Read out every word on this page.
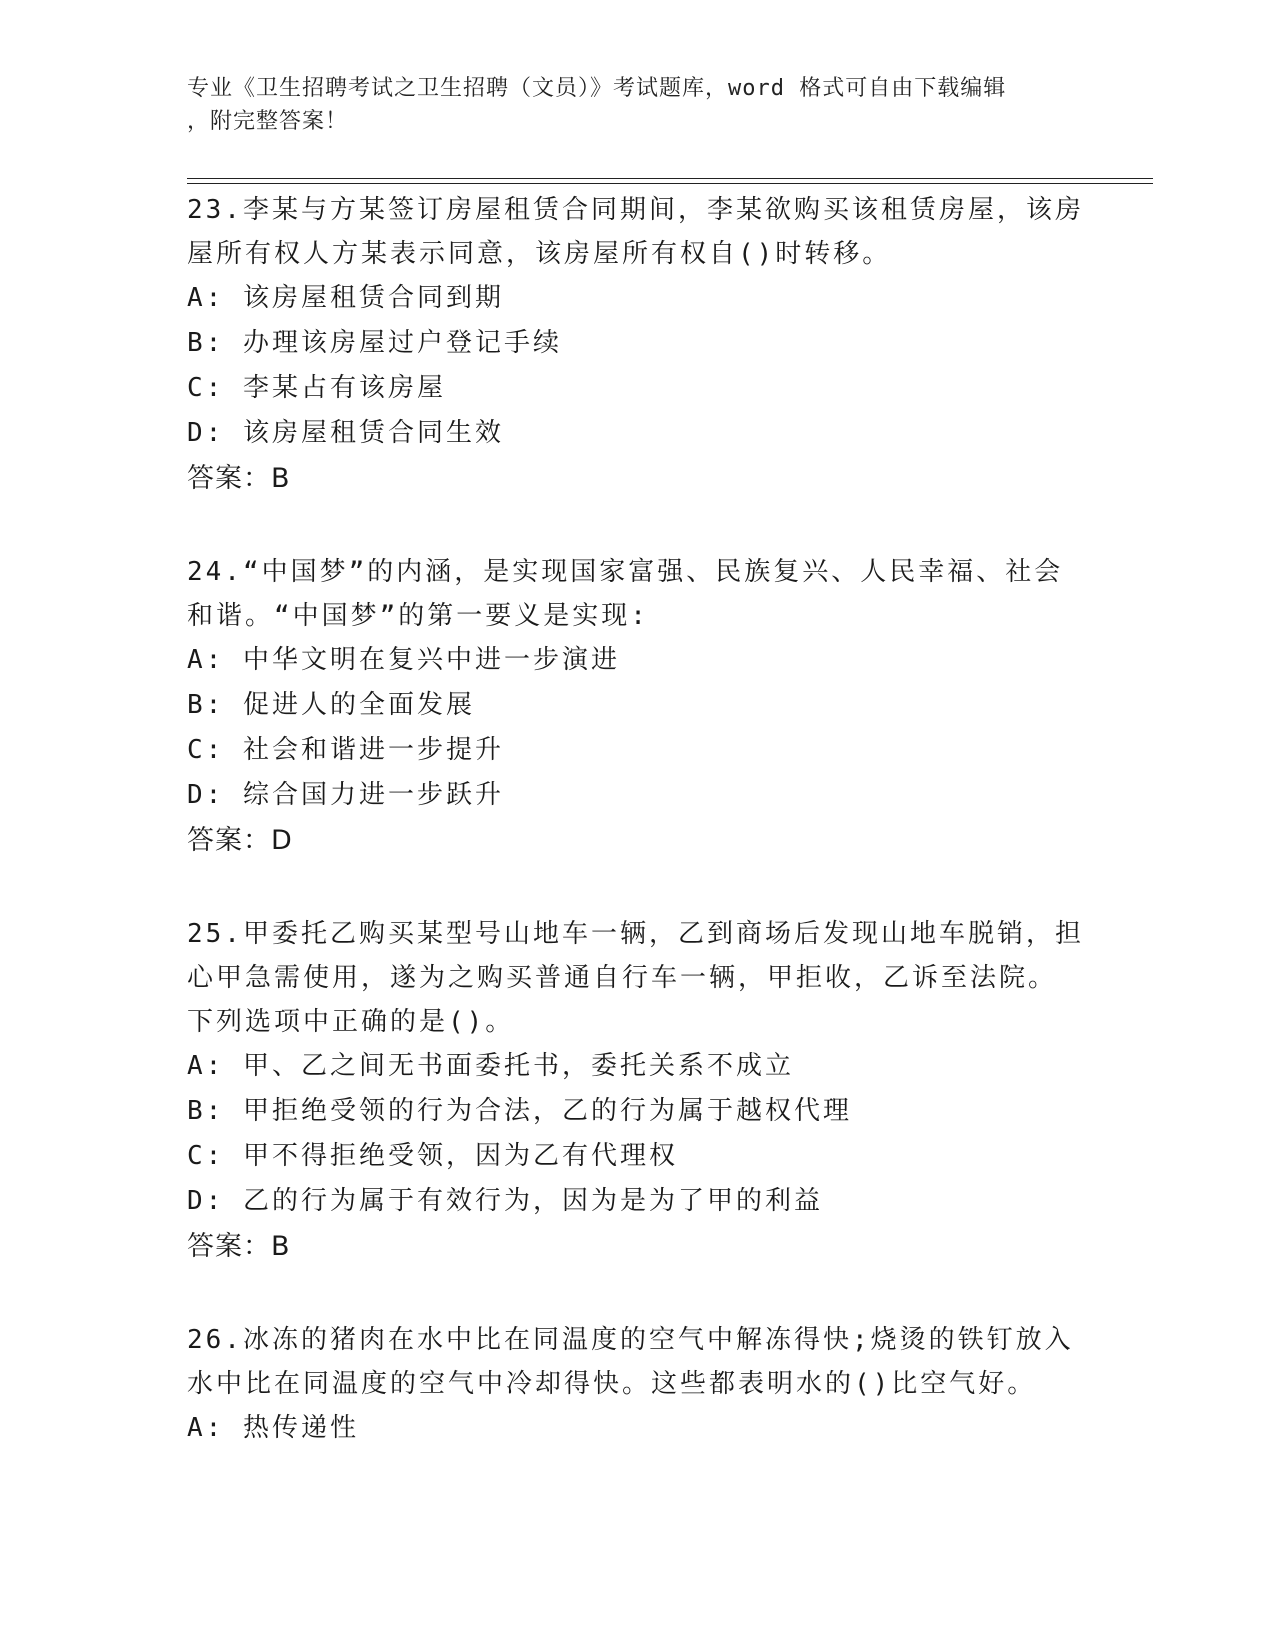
专业《卫生招聘考试之卫生招聘（文员）》考试题库，word 格式可自由下载编辑
，附完整答案！

23.李某与方某签订房屋租赁合同期间，李某欲购买该租赁房屋，该房

屋所有权人方某表示同意，该房屋所有权自()时转移。

A: 该房屋租赁合同到期

B: 办理该房屋过户登记手续

C: 李某占有该房屋

D: 该房屋租赁合同生效

答案：B

24.“中国梦”的内涵，是实现国家富强、民族复兴、人民幸福、社会

和谐。“中国梦”的第一要义是实现:

A: 中华文明在复兴中进一步演进

B: 促进人的全面发展

C: 社会和谐进一步提升

D: 综合国力进一步跃升

答案：D

25.甲委托乙购买某型号山地车一辆，乙到商场后发现山地车脱销，担

心甲急需使用，遂为之购买普通自行车一辆，甲拒收，乙诉至法院。

下列选项中正确的是()。

A: 甲、乙之间无书面委托书，委托关系不成立

B: 甲拒绝受领的行为合法，乙的行为属于越权代理

C: 甲不得拒绝受领，因为乙有代理权

D: 乙的行为属于有效行为，因为是为了甲的利益

答案：B

26.冰冻的猪肉在水中比在同温度的空气中解冻得快;烧烫的铁钉放入

水中比在同温度的空气中冷却得快。这些都表明水的()比空气好。

A: 热传递性
